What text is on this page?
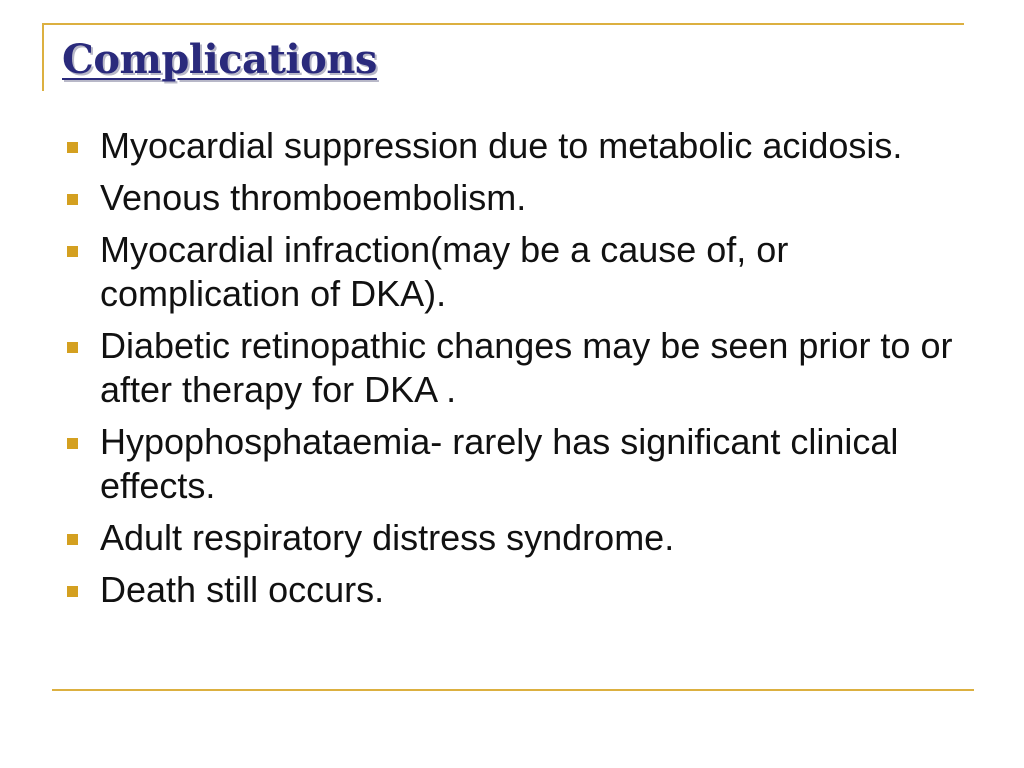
Complications
Myocardial suppression due to metabolic acidosis.
Venous thromboembolism.
Myocardial infraction(may be a cause of, or complication of DKA).
Diabetic retinopathic changes may be seen prior to or after therapy for DKA .
Hypophosphataemia- rarely has significant clinical effects.
Adult respiratory distress syndrome.
Death still occurs.
